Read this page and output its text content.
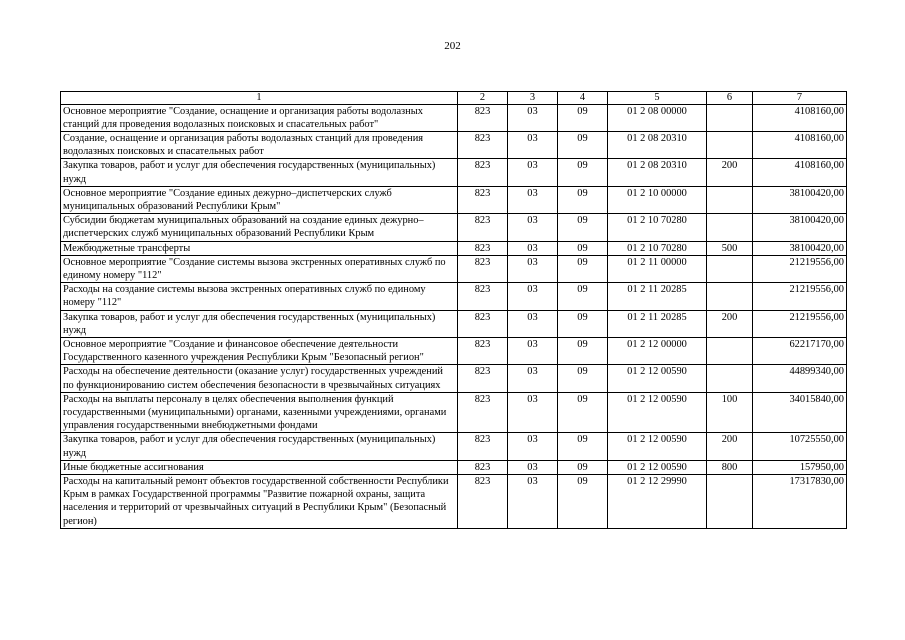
202
1	2	3	4	5	6	7
Основное мероприятие "Создание, оснащение и организация работы водолазных станций для проведения водолазных поисковых и спасательных работ"	823	03	09	01 2 08 00000		4108160,00
Создание, оснащение и организация работы водолазных станций для проведения водолазных поисковых и спасательных работ	823	03	09	01 2 08 20310		4108160,00
Закупка товаров, работ и услуг для обеспечения государственных (муниципальных) нужд	823	03	09	01 2 08 20310	200	4108160,00
Основное мероприятие "Создание единых дежурно–диспетчерских служб муниципальных образований Республики Крым"	823	03	09	01 2 10 00000		38100420,00
Субсидии бюджетам муниципальных образований на создание единых дежурно–диспетчерских служб муниципальных образований Республики Крым	823	03	09	01 2 10 70280		38100420,00
Межбюджетные трансферты	823	03	09	01 2 10 70280	500	38100420,00
Основное мероприятие "Создание системы вызова экстренных оперативных служб по единому номеру "112"	823	03	09	01 2 11 00000		21219556,00
Расходы на создание системы вызова экстренных оперативных служб по единому номеру "112"	823	03	09	01 2 11 20285		21219556,00
Закупка товаров, работ и услуг для обеспечения государственных (муниципальных) нужд	823	03	09	01 2 11 20285	200	21219556,00
Основное мероприятие "Создание и финансовое обеспечение деятельности Государственного казенного учреждения Республики Крым "Безопасный регион"	823	03	09	01 2 12 00000		62217170,00
Расходы на обеспечение деятельности (оказание услуг) государственных учреждений по функционированию систем обеспечения безопасности в чрезвычайных ситуациях	823	03	09	01 2 12 00590		44899340,00
Расходы на выплаты персоналу в целях обеспечения выполнения функций государственными (муниципальными) органами, казенными учреждениями, органами управления государственными внебюджетными фондами	823	03	09	01 2 12 00590	100	34015840,00
Закупка товаров, работ и услуг для обеспечения государственных (муниципальных) нужд	823	03	09	01 2 12 00590	200	10725550,00
Иные бюджетные ассигнования	823	03	09	01 2 12 00590	800	157950,00
Расходы на капитальный ремонт объектов государственной собственности Республики Крым в рамках Государственной программы "Развитие пожарной охраны, защита населения и территорий от чрезвычайных ситуаций в Республики Крым" (Безопасный регион)	823	03	09	01 2 12 29990		17317830,00
